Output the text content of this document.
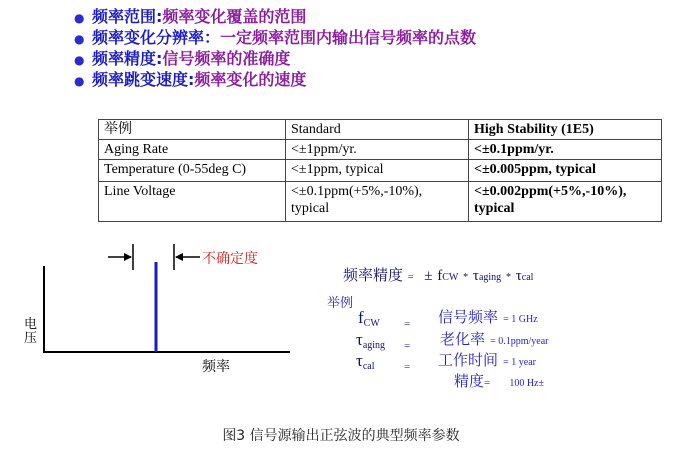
● 频率范围 : 频率变化覆盖的范围
● 频率变化分辨率 ： 一定频率范围内输出信号频率的点数
● 频率精度 : 信号频率的准确度
● 频率跳变速度 : 频率变化的速度
举例	Standard	High Stability (1E5)
Aging Rate	<±1ppm/yr.	<±0.1ppm/yr.
Temperature (0-55deg C)	<±1ppm, typical	<±0.005ppm, typical
Line Voltage	<±0.1ppm(+5%,-10%), typical	<±0.002ppm(+5%,-10%), typical
电压
频率
不确定度
频率精度 = ± fCW * τaging * τcal
举例
$f_{CW}$ = 信号频率 = 1 GHz
$\tau_{aging}$ = 老化率 = 0.1ppm/year
$\tau_{cal}$	= 工作时间 = 1 year
精度= 100 Hz±
图3 信号源输出正弦波的典型频率参数
